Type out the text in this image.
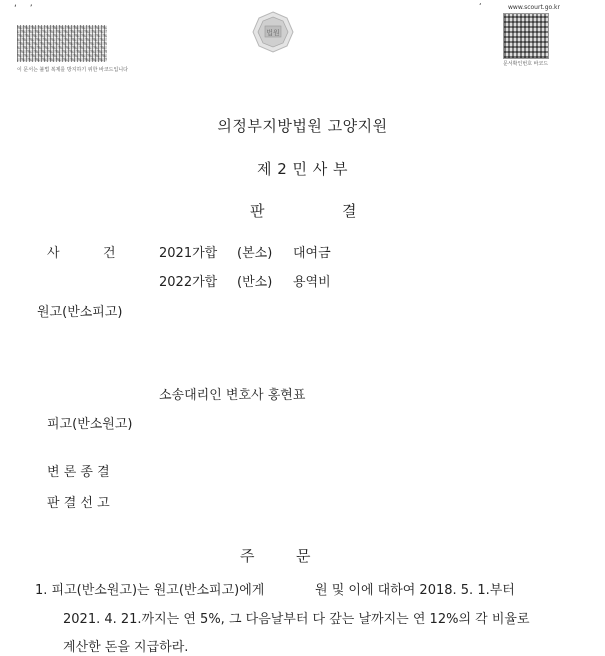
‘ ’
이 문서는 불법 복제를 방지하기 위한 바코드입니다
법원
‘	www.scourt.go.kr
문서확인번호 바코드
의정부지방법원 고양지원
제 2 민 사 부
판	결
사	건	2021가합 (본소) 대여금
2022가합 (반소) 용역비
원고(반소피고)
소송대리인 변호사 홍현표
피고(반소원고)
변 론 종 결
판 결 선 고
주	문
1. 피고(반소원고)는 원고(반소피고)에게	원 및 이에 대하여 2018. 5. 1.부터
2021. 4. 21.까지는 연 5%, 그 다음날부터 다 갚는 날까지는 연 12%의 각 비율로
계산한 돈을 지급하라.
